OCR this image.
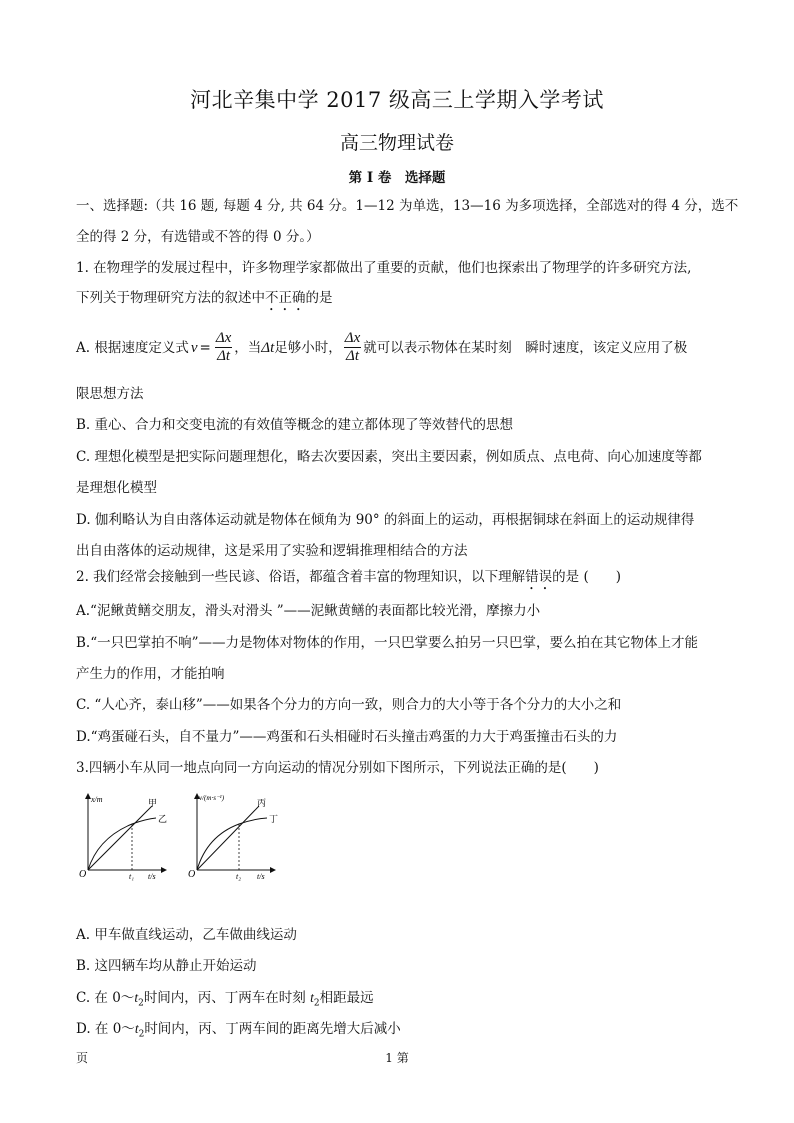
河北辛集中学 2017 级高三上学期入学考试
高三物理试卷
第 I 卷　选择题
一、选择题:（共 16 题, 每题 4 分, 共 64 分。1—12 为单选，13—16 为多项选择，全部选对的得 4 分，选不
全的得 2 分，有选错或不答的得 0 分。）
1. 在物理学的发展过程中，许多物理学家都做出了重要的贡献，他们也探索出了物理学的许多研究方法,
下列关于物理研究方法的叙述中不正确的是
A. 根据速度定义式 $v = \frac{\Delta x}{\Delta t}$ ，当 Δt 足够小时， $\frac{\Delta x}{\Delta t}$ 就可以表示物体在某时刻　瞬时速度，该定义应用了极
限思想方法
B. 重心、合力和交变电流的有效值等概念的建立都体现了等效替代的思想
C. 理想化模型是把实际问题理想化，略去次要因素，突出主要因素，例如质点、点电荷、向心加速度等都
是理想化模型
D. 伽利略认为自由落体运动就是物体在倾角为 90° 的斜面上的运动，再根据铜球在斜面上的运动规律得
出自由落体的运动规律，这是采用了实验和逻辑推理相结合的方法
2. 我们经常会接触到一些民谚、俗语，都蕴含着丰富的物理知识，以下理解错误的是 (　　)
A.“泥鳅黄鳝交朋友，滑头对滑头 ”——泥鳅黄鳝的表面都比较光滑，摩擦力小
B.“一只巴掌拍不响”——力是物体对物体的作用，一只巴掌要么拍另一只巴掌，要么拍在其它物体上才能
产生力的作用，才能拍响
C. “人心齐，泰山移”——如果各个分力的方向一致，则合力的大小等于各个分力的大小之和
D.“鸡蛋碰石头，自不量力”——鸡蛋和石头相碰时石头撞击鸡蛋的力大于鸡蛋撞击石头的力
3.四辆小车从同一地点向同一方向运动的情况分别如下图所示，下列说法正确的是(　　)
x/m
O	t₁ t/s
甲
乙
v/(m·s⁻¹)
O	t₂ t/s
丙
丁
A. 甲车做直线运动，乙车做曲线运动
B. 这四辆车均从静止开始运动
C. 在 $0\sim t_2$时间内，丙、丁两车在时刻 $t_2$相距最远
D. 在 $0\sim t_2$时间内，丙、丁两车间的距离先增大后减小
页	1 第
